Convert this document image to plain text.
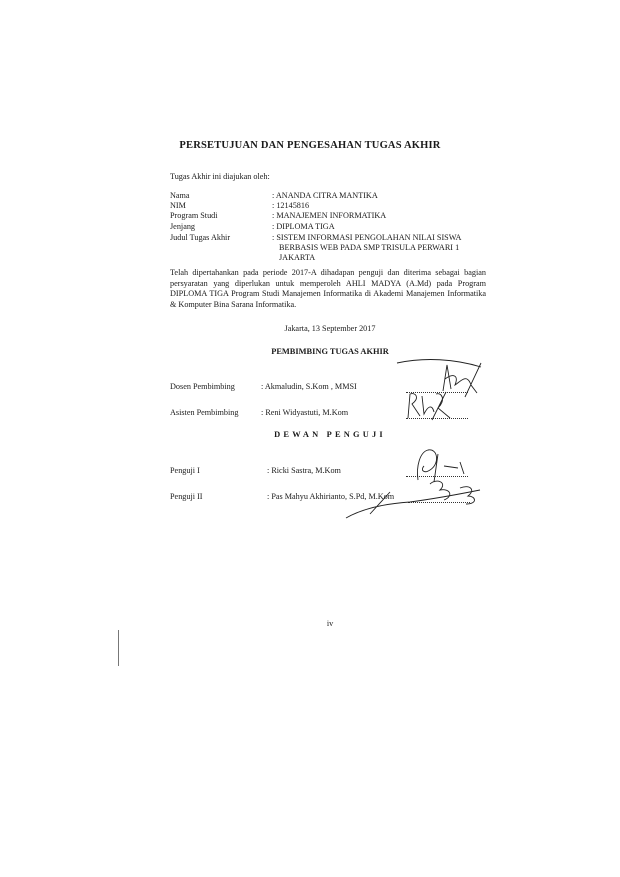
PERSETUJUAN DAN PENGESAHAN TUGAS AKHIR
Tugas Akhir ini diajukan oleh:
Nama	: ANANDA CITRA MANTIKA
NIM	: 12145816
Program Studi	: MANAJEMEN INFORMATIKA
Jenjang	: DIPLOMA TIGA
Judul Tugas Akhir	: SISTEM INFORMASI PENGOLAHAN NILAI SISWA
BERBASIS WEB PADA SMP TRISULA PERWARI 1
JAKARTA
Telah dipertahankan pada periode 2017-A dihadapan penguji dan diterima sebagai bagian persyaratan yang diperlukan untuk memperoleh AHLI MADYA (A.Md) pada Program DIPLOMA TIGA Program Studi Manajemen Informatika di Akademi Manajemen Informatika & Komputer Bina Sarana Informatika.
Jakarta, 13 September 2017
PEMBIMBING TUGAS AKHIR
Dosen Pembimbing	: Akmaludin, S.Kom , MMSI
Asisten Pembimbing	: Reni Widyastuti, M.Kom
DEWAN PENGUJI
Penguji I	: Ricki Sastra, M.Kom
Penguji II	: Pas Mahyu Akhirianto, S.Pd, M.Kom
iv
